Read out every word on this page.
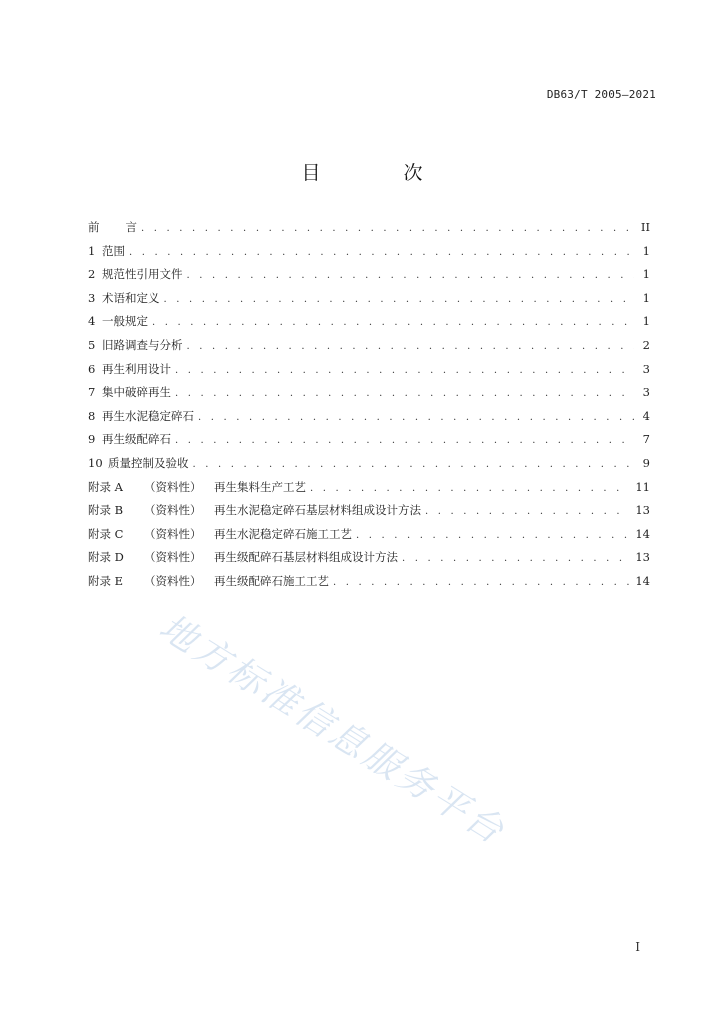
DB63/T 2005—2021
目　次
前 言 . . .	II
1 范围 . . .	1
2 规范性引用文件 . . .	1
3 术语和定义 . . .	1
4 一般规定 . . .	1
5 旧路调查与分析 . . .	2
6 再生利用设计 . . .	3
7 集中破碎再生 . . .	3
8 再生水泥稳定碎石 . . .	4
9 再生级配碎石 . . .	7
10 质量控制及验收 . . .	9
附录 A （资料性） 再生集料生产工艺 . . .	11
附录 B （资料性） 再生水泥稳定碎石基层材料组成设计方法 . . .	13
附录 C （资料性） 再生水泥稳定碎石施工工艺 . . .	14
附录 D （资料性） 再生级配碎石基层材料组成设计方法 . . .	13
附录 E （资料性） 再生级配碎石施工工艺 . . .	14
地方标准信息服务平台
I
